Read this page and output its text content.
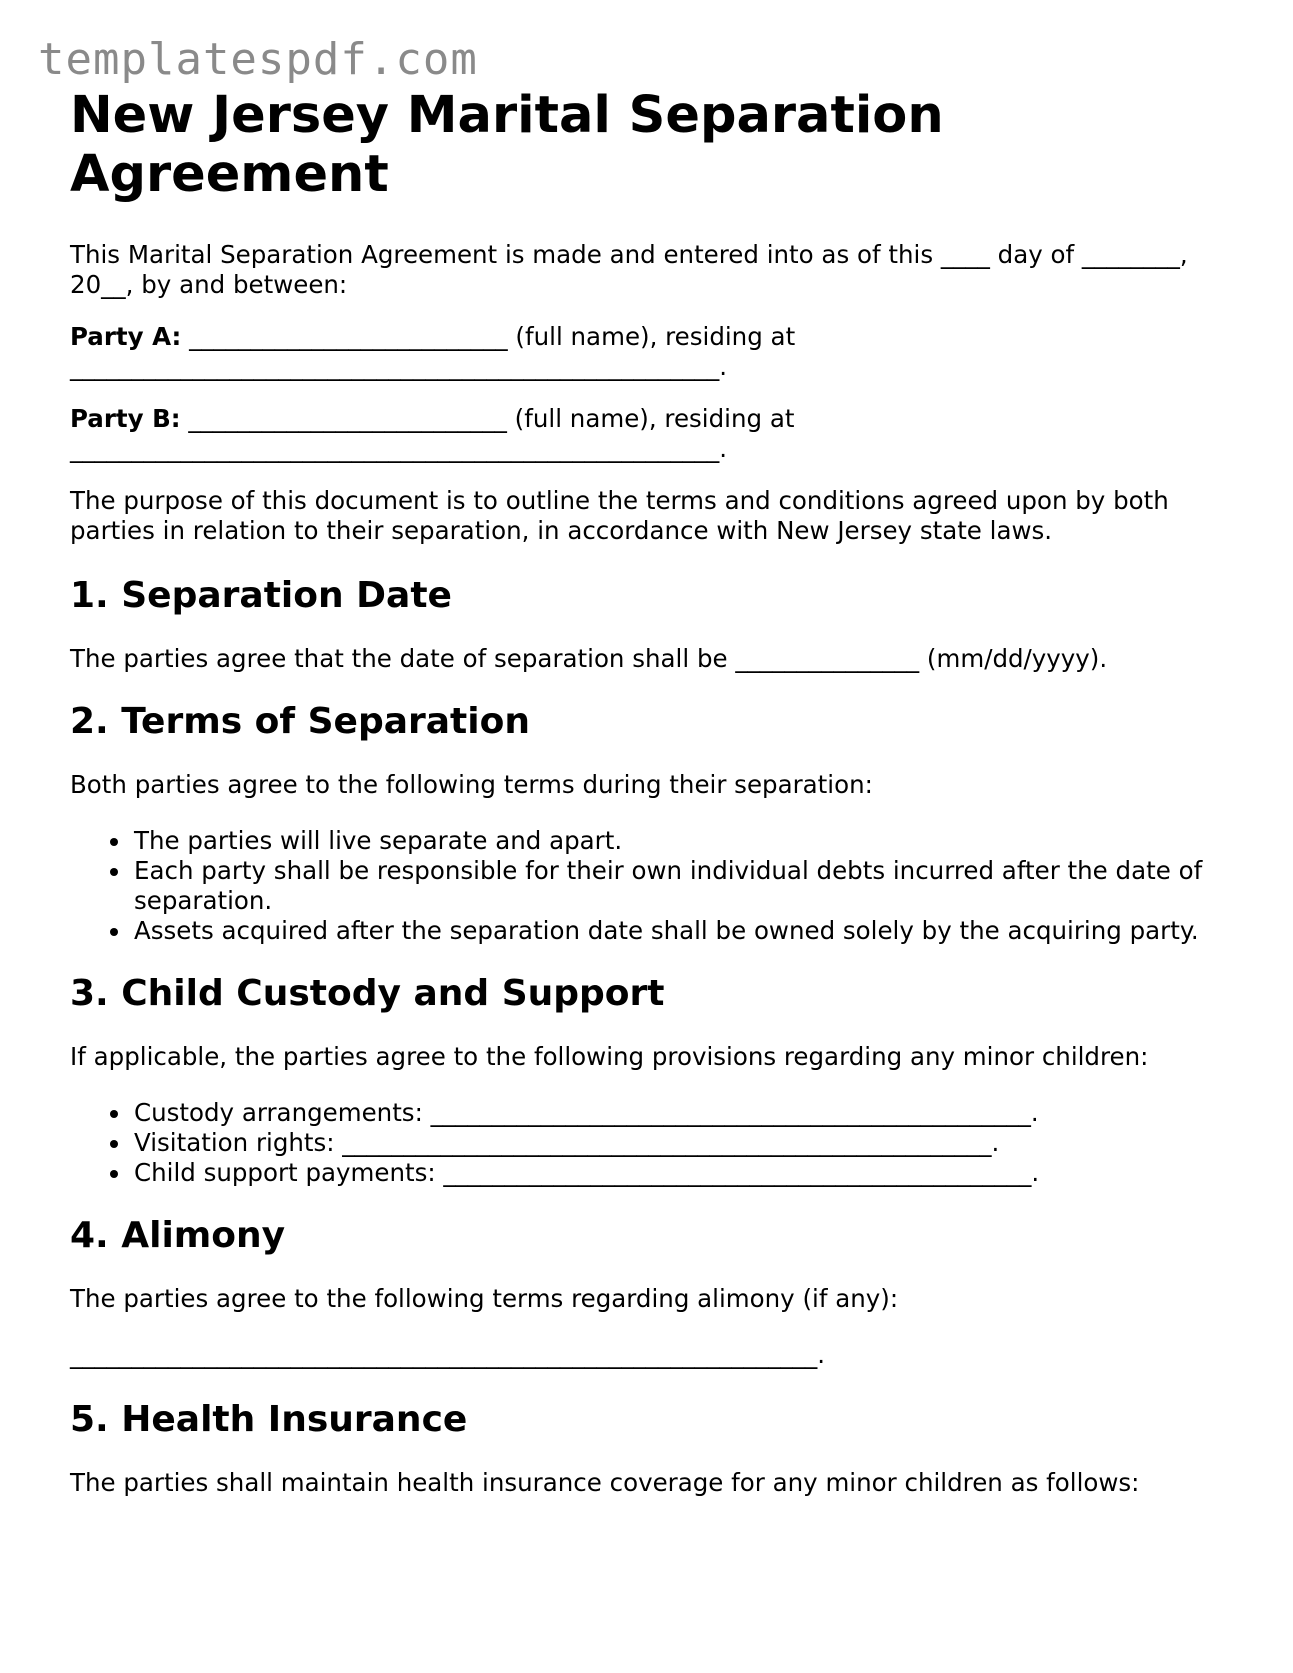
templatespdf.com
New Jersey Marital Separation Agreement

This Marital Separation Agreement is made and entered into as of this ____ day of ________, 20__, by and between:

Party A: __________________________ (full name), residing at _____________________________________________________.

Party B: __________________________ (full name), residing at _____________________________________________________.

The purpose of this document is to outline the terms and conditions agreed upon by both parties in relation to their separation, in accordance with New Jersey state laws.

1. Separation Date

The parties agree that the date of separation shall be _______________ (mm/dd/yyyy).

2. Terms of Separation

Both parties agree to the following terms during their separation:

• The parties will live separate and apart.
• Each party shall be responsible for their own individual debts incurred after the date of separation.
• Assets acquired after the separation date shall be owned solely by the acquiring party.
3. Child Custody and Support

If applicable, the parties agree to the following provisions regarding any minor children:

• Custody arrangements: _________________________________________________.
• Visitation rights: _____________________________________________________.
• Child support payments: ________________________________________________.
4. Alimony

The parties agree to the following terms regarding alimony (if any):

_____________________________________________________________.

5. Health Insurance

The parties shall maintain health insurance coverage for any minor children as follows:
